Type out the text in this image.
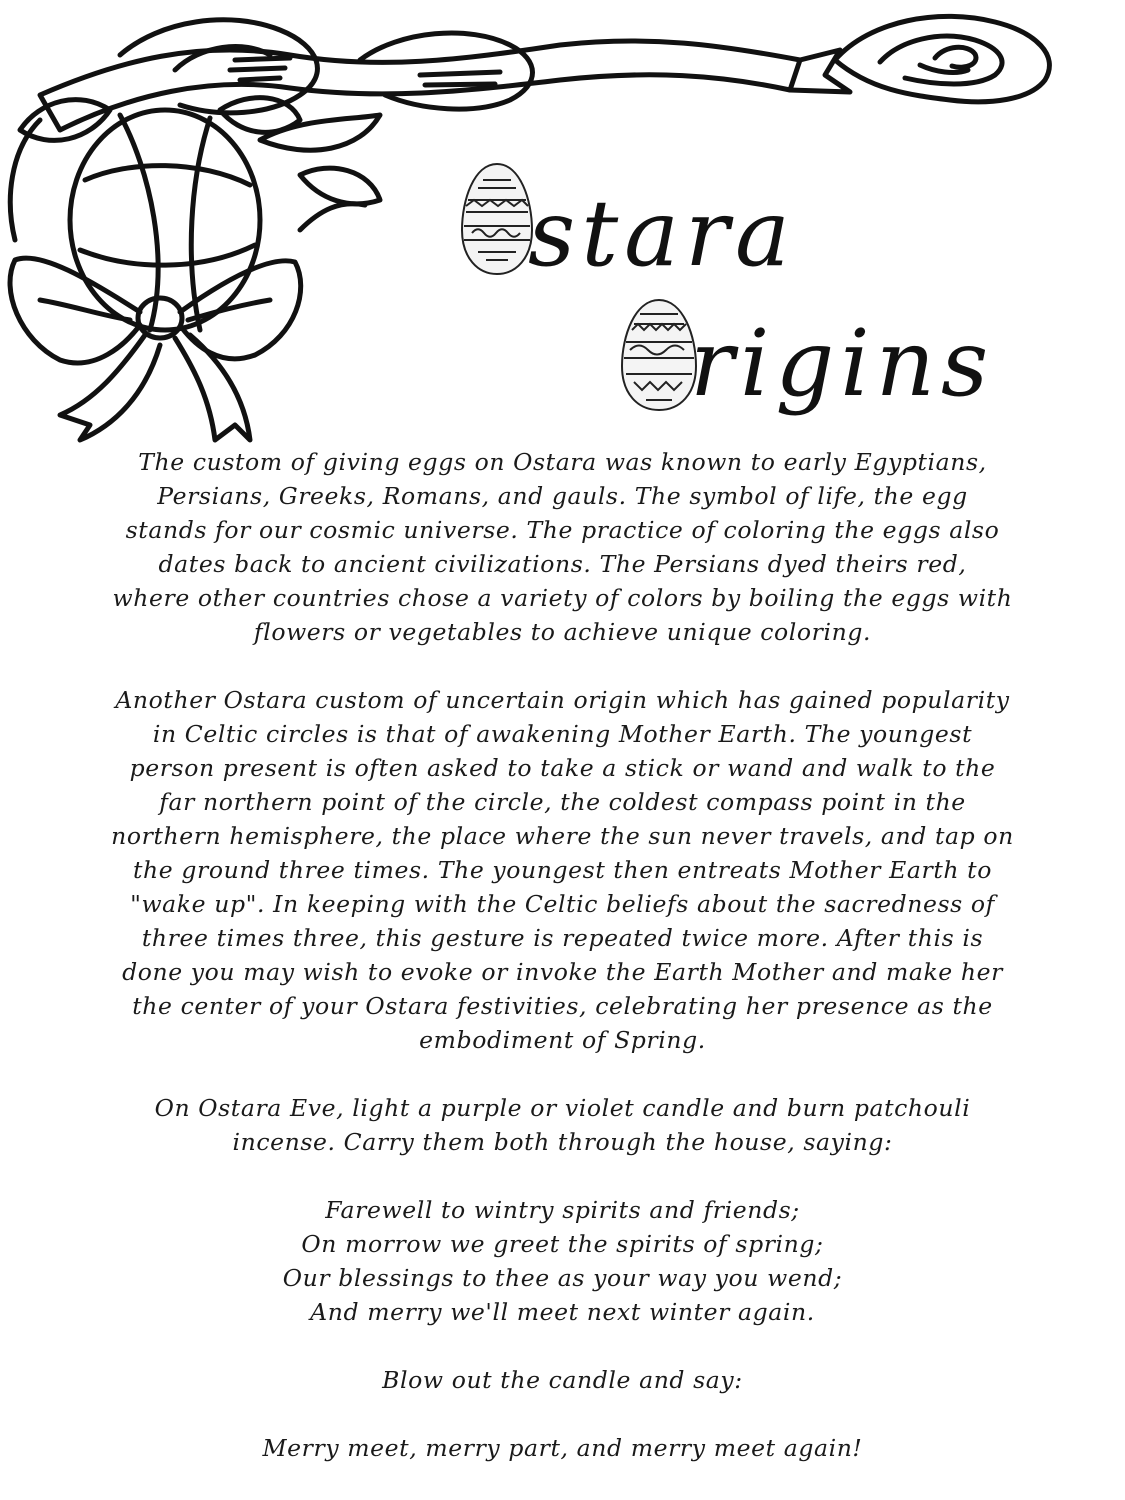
stara
rigins
The custom of giving eggs on Ostara was known to early Egyptians,
Persians, Greeks, Romans, and gauls. The symbol of life, the egg
stands for our cosmic universe. The practice of coloring the eggs also
dates back to ancient civilizations. The Persians dyed theirs red,
where other countries chose a variety of colors by boiling the eggs with
flowers or vegetables to achieve unique coloring.
Another Ostara custom of uncertain origin which has gained popularity
in Celtic circles is that of awakening Mother Earth. The youngest
person present is often asked to take a stick or wand and walk to the
far northern point of the circle, the coldest compass point in the
northern hemisphere, the place where the sun never travels, and tap on
the ground three times. The youngest then entreats Mother Earth to
"wake up". In keeping with the Celtic beliefs about the sacredness of
three times three, this gesture is repeated twice more. After this is
done you may wish to evoke or invoke the Earth Mother and make her
the center of your Ostara festivities, celebrating her presence as the
embodiment of Spring.
On Ostara Eve, light a purple or violet candle and burn patchouli
incense. Carry them both through the house, saying:
Farewell to wintry spirits and friends;
On morrow we greet the spirits of spring;
Our blessings to thee as your way you wend;
And merry we'll meet next winter again.
Blow out the candle and say:
Merry meet, merry part, and merry meet again!
